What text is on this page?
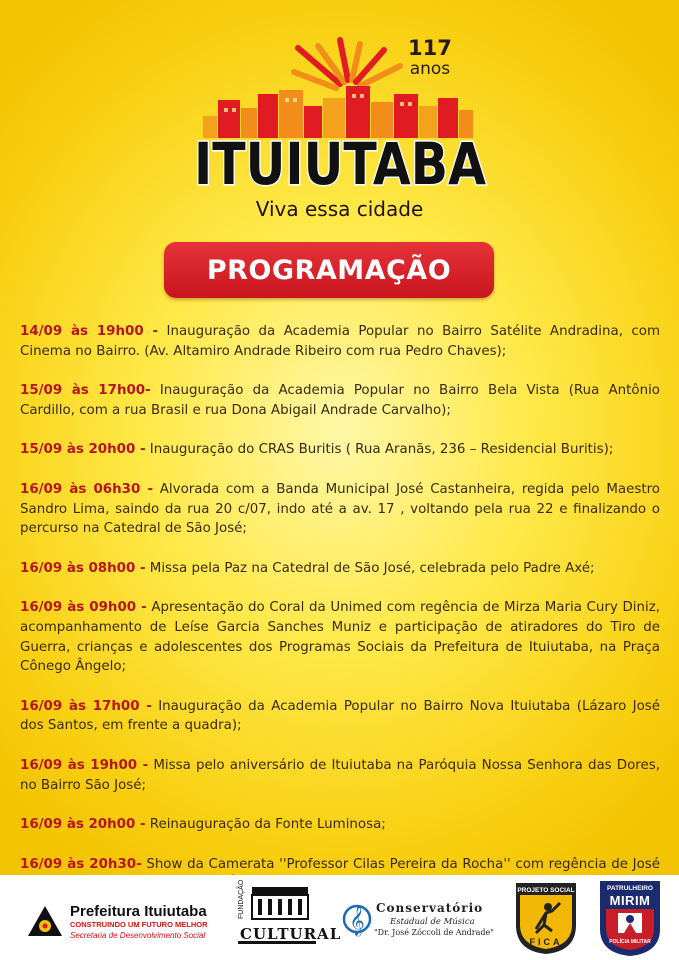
117
anos
ITUIUTABA
Viva essa cidade
PROGRAMAÇÃO

14/09 às 19h00 - Inauguração da Academia Popular no Bairro Satélite Andradina, com Cinema no Bairro. (Av. Altamiro Andrade Ribeiro com rua Pedro Chaves);

15/09 às 17h00- Inauguração da Academia Popular no Bairro Bela Vista (Rua Antônio Cardillo, com a rua Brasil e rua Dona Abigail Andrade Carvalho);

15/09 às 20h00 - Inauguração do CRAS Buritis ( Rua Aranãs, 236 – Residencial Buritis);

16/09 às 06h30 - Alvorada com a Banda Municipal José Castanheira, regida pelo Maestro Sandro Lima, saindo da rua 20 c/07, indo até a av. 17 , voltando pela rua 22 e finalizando o percurso na Catedral de São José;

16/09 às 08h00 - Missa pela Paz na Catedral de São José, celebrada pelo Padre Axé;

16/09 às 09h00 - Apresentação do Coral da Unimed com regência de Mirza Maria Cury Diniz, acompanhamento de Leíse Garcia Sanches Muniz e participação de atiradores do Tiro de Guerra, crianças e adolescentes dos Programas Sociais da Prefeitura de Ituiutaba, na Praça Cônego Ângelo;

16/09 às 17h00 - Inauguração da Academia Popular no Bairro Nova Ituiutaba (Lázaro José dos Santos, em frente a quadra);

16/09 às 19h00 - Missa pelo aniversário de Ituiutaba na Paróquia Nossa Senhora das Dores, no Bairro São José;

16/09 às 20h00 - Reinauguração da Fonte Luminosa;

16/09 às 20h30- Show da Camerata ''Professor Cilas Pereira da Rocha'' com regência de José

Prefeitura Ituiutaba
CONSTRUINDO UM FUTURO MELHOR
Secretaria de Desenvolvimento Social
FUNDAÇÃO
CULTURAL 𝄞 Conservatório
Estadual de Música
"Dr. José Zóccoli de Andrade"
PROJETO SOCIAL
FICA
PATRULHEIRO
MIRIM
POLÍCIA MILITAR
